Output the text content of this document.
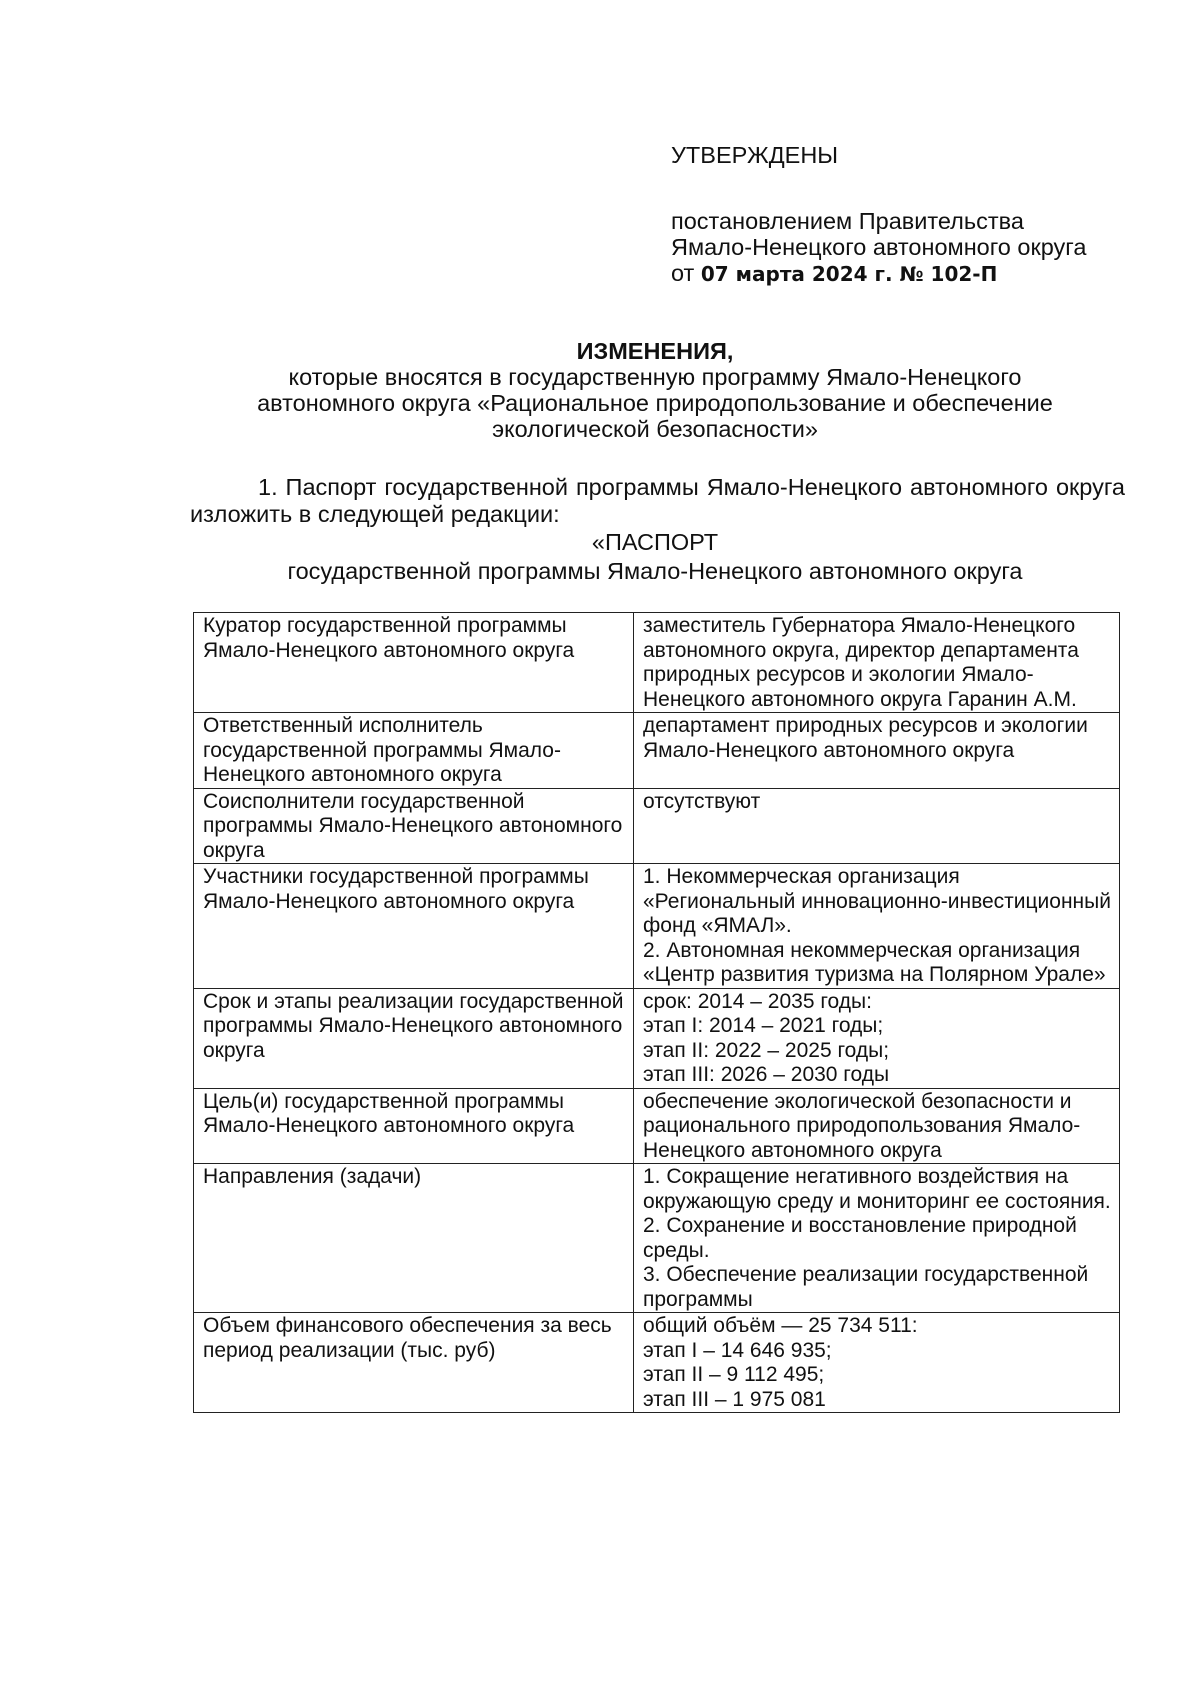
УТВЕРЖДЕНЫ
постановлением Правительства
Ямало-Ненецкого автономного округа
от 07 марта 2024 г. № 102-П
ИЗМЕНЕНИЯ,
которые вносятся в государственную программу Ямало-Ненецкого
автономного округа «Рациональное природопользование и обеспечение
экологической безопасности»
1. Паспорт государственной программы Ямало-Ненецкого автономного округа изложить в следующей редакции:
«ПАСПОРТ
государственной программы Ямало-Ненецкого автономного округа
Куратор государственной программы Ямало-Ненецкого автономного округа	заместитель Губернатора Ямало-Ненецкого автономного округа, директор департамента природных ресурсов и экологии Ямало-Ненецкого автономного округа Гаранин А.М.
Ответственный исполнитель государственной программы Ямало-Ненецкого автономного округа	департамент природных ресурсов и экологии Ямало-Ненецкого автономного округа
Соисполнители государственной программы Ямало-Ненецкого автономного округа	отсутствуют
Участники государственной программы Ямало-Ненецкого автономного округа	1. Некоммерческая организация «Региональный инновационно-инвестиционный фонд «ЯМАЛ».
2. Автономная некоммерческая организация «Центр развития туризма на Полярном Урале»
Срок и этапы реализации государственной программы Ямало-Ненецкого автономного округа	срок: 2014 – 2035 годы:
этап I: 2014 – 2021 годы;
этап II: 2022 – 2025 годы;
этап III: 2026 – 2030 годы
Цель(и) государственной программы Ямало-Ненецкого автономного округа	обеспечение экологической безопасности и рационального природопользования Ямало-Ненецкого автономного округа
Направления (задачи)	1. Сокращение негативного воздействия на окружающую среду и мониторинг ее состояния.
2. Сохранение и восстановление природной среды.
3. Обеспечение реализации государственной программы
Объем финансового обеспечения за весь период реализации (тыс. руб)	общий объём — 25 734 511:
этап I – 14 646 935;
этап II – 9 112 495;
этап III – 1 975 081
